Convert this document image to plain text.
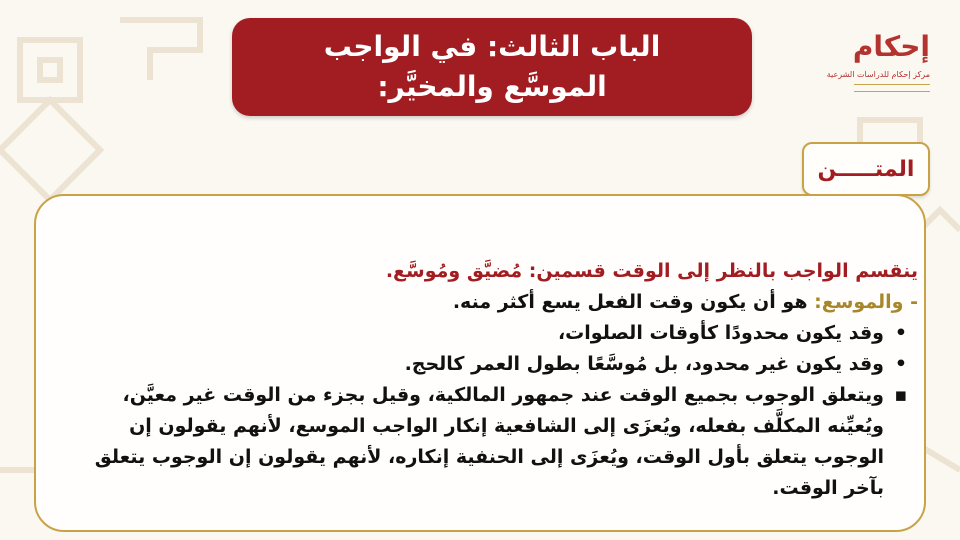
الباب الثالث: في الواجب
الموسَّع والمخيَّر:
إحكام
مركز إحكام للدراسات الشرعية
المتـــــن

ينقسم الواجب بالنظر إلى الوقت قسمين: مُضيَّق ومُوسَّع.

- والموسع: هو أن يكون وقت الفعل يسع أكثر منه.

•
وقد يكون محدودًا كأوقات الصلوات،
•
وقد يكون غير محدود، بل مُوسَّعًا بطول العمر كالحج.
▪
ويتعلق الوجوب بجميع الوقت عند جمهور المالكية، وقيل بجزء من الوقت غير معيَّن، ويُعيِّنه المكلَّف بفعله، ويُعزَى إلى الشافعية إنكار الواجب الموسع، لأنهم يقولون إن الوجوب يتعلق بأول الوقت، ويُعزَى إلى الحنفية إنكاره، لأنهم يقولون إن الوجوب يتعلق بآخر الوقت.
